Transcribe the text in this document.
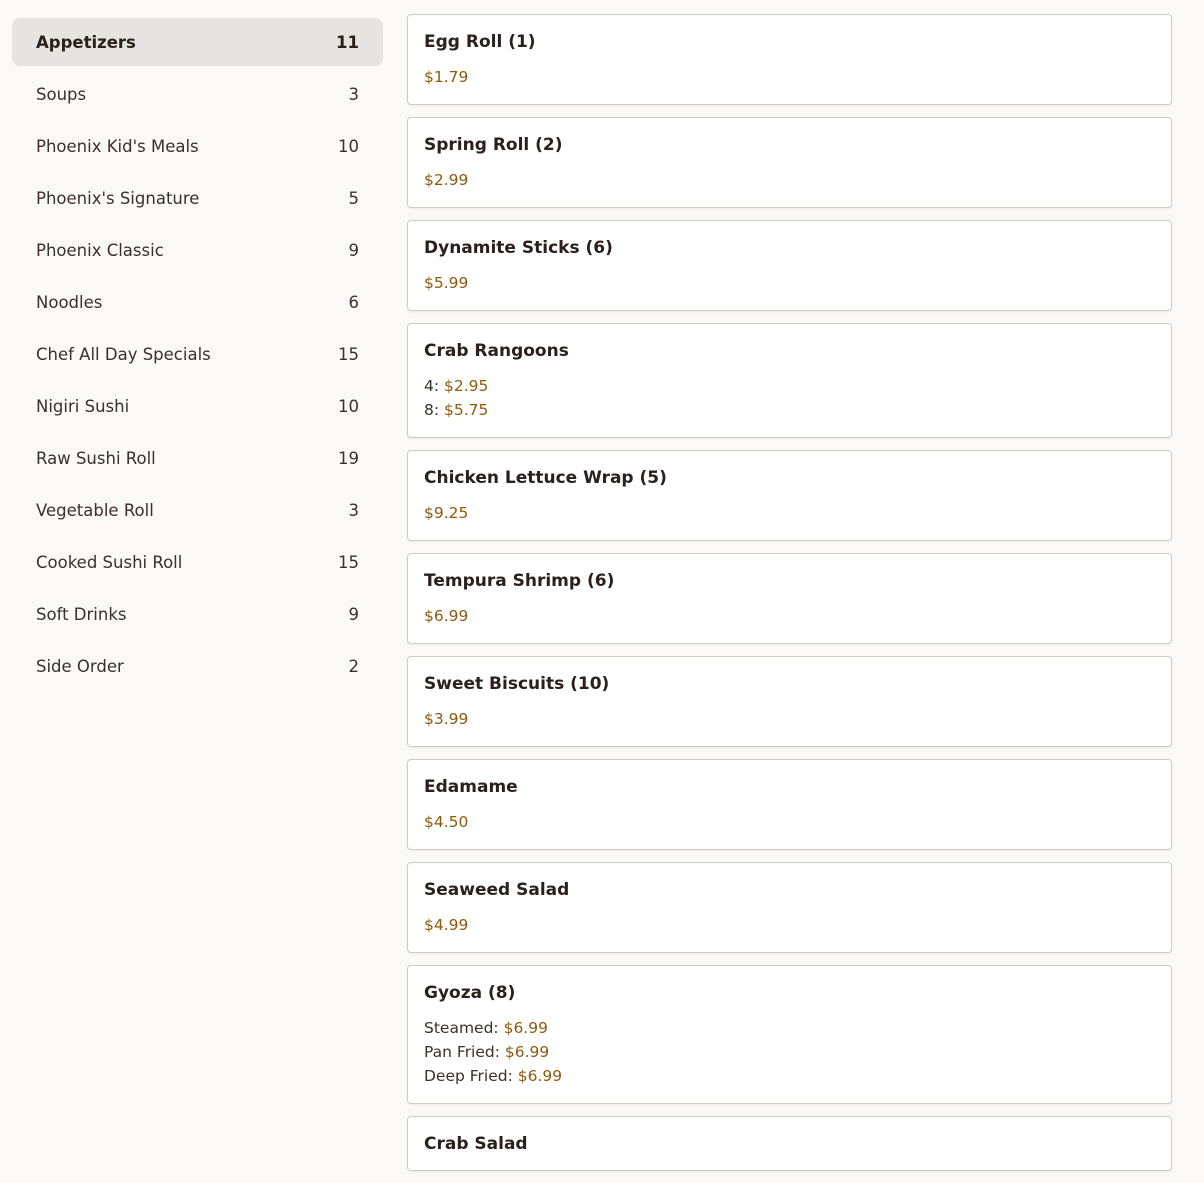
Appetizers	11
Soups	3
Phoenix Kid's Meals	10
Phoenix's Signature	5
Phoenix Classic	9
Noodles	6
Chef All Day Specials	15
Nigiri Sushi	10
Raw Sushi Roll	19
Vegetable Roll	3
Cooked Sushi Roll	15
Soft Drinks	9
Side Order	2
Egg Roll (1)
$1.79
Spring Roll (2)
$2.99
Dynamite Sticks (6)
$5.99
Crab Rangoons
4: $2.95
8: $5.75
Chicken Lettuce Wrap (5)
$9.25
Tempura Shrimp (6)
$6.99
Sweet Biscuits (10)
$3.99
Edamame
$4.50
Seaweed Salad
$4.99
Gyoza (8)
Steamed: $6.99
Pan Fried: $6.99
Deep Fried: $6.99
Crab Salad
